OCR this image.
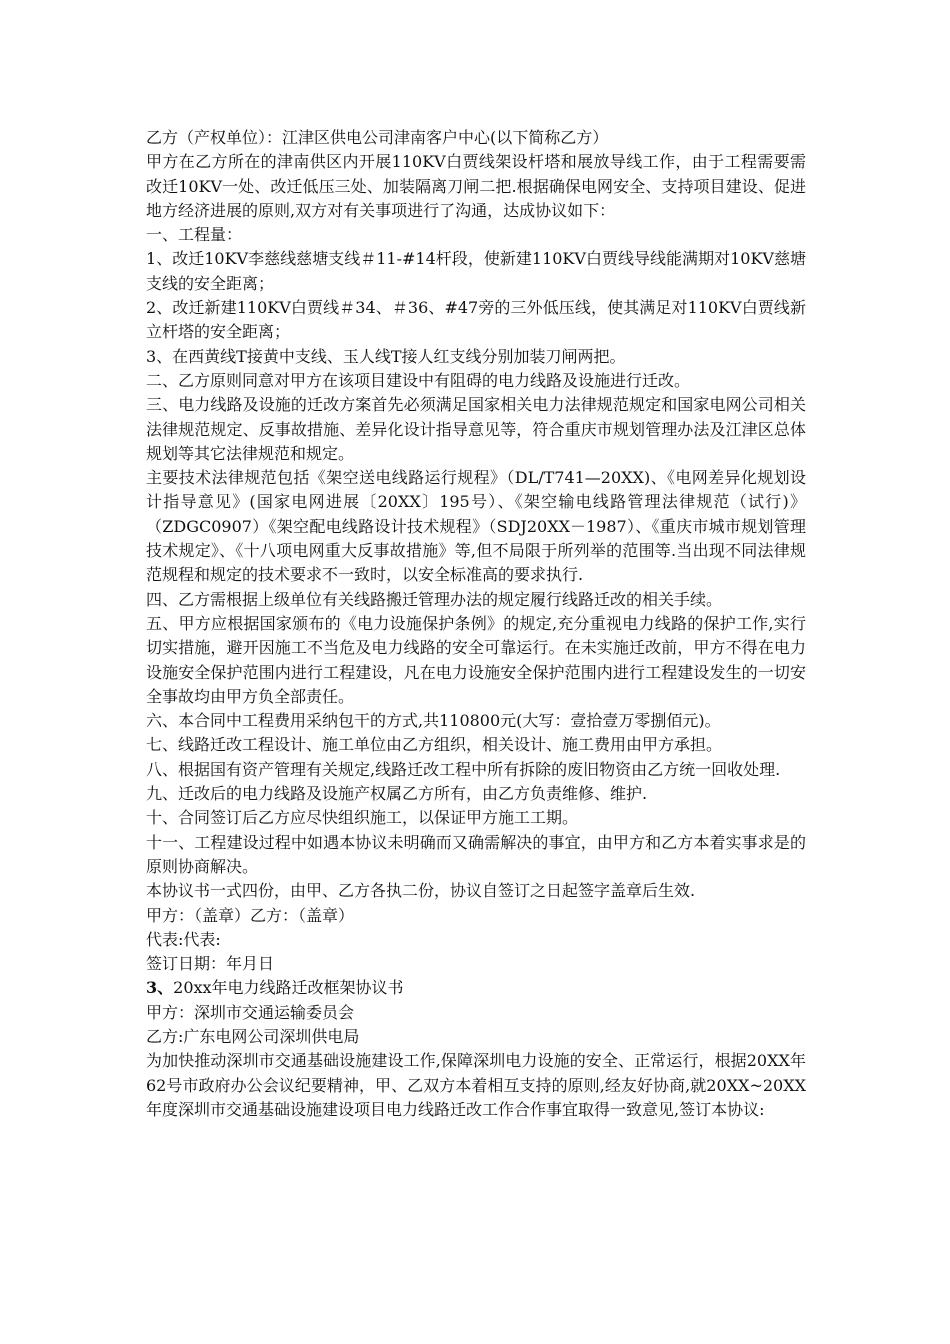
乙方（产权单位）：江津区供电公司津南客户中心(以下简称乙方）

甲方在乙方所在的津南供区内开展110KV白贾线架设杆塔和展放导线工作，由于工程需要需改迁10KV一处、改迁低压三处、加装隔离刀闸二把.根据确保电网安全、支持项目建设、促进地方经济进展的原则,双方对有关事项进行了沟通，达成协议如下：

一、工程量：

1、改迁10KV李慈线慈塘支线＃11-#14杆段，使新建110KV白贾线导线能满期对10KV慈塘支线的安全距离；

2、改迁新建110KV白贾线＃34、＃36、#47旁的三外低压线，使其满足对110KV白贾线新立杆塔的安全距离；

3、在西黄线T接黄中支线、玉人线T接人红支线分别加装刀闸两把。

二、乙方原则同意对甲方在该项目建设中有阻碍的电力线路及设施进行迁改。

三、电力线路及设施的迁改方案首先必须满足国家相关电力法律规范规定和国家电网公司相关法律规范规定、反事故措施、差异化设计指导意见等，符合重庆市规划管理办法及江津区总体规划等其它法律规范和规定。

主要技术法律规范包括《架空送电线路运行规程》（DL/T741—20XX)、《电网差异化规划设计指导意见》(国家电网进展〔20XX〕195号）、《架空输电线路管理法律规范（试行)》（ZDGC0907）《架空配电线路设计技术规程》（SDJ20XX－1987）、《重庆市城市规划管理技术规定》、《十八项电网重大反事故措施》等,但不局限于所列举的范围等.当出现不同法律规范规程和规定的技术要求不一致时，以安全标准高的要求执行.

四、乙方需根据上级单位有关线路搬迁管理办法的规定履行线路迁改的相关手续。

五、甲方应根据国家颁布的《电力设施保护条例》的规定,充分重视电力线路的保护工作,实行切实措施，避开因施工不当危及电力线路的安全可靠运行。在未实施迁改前，甲方不得在电力设施安全保护范围内进行工程建设，凡在电力设施安全保护范围内进行工程建设发生的一切安全事故均由甲方负全部责任。

六、本合同中工程费用采纳包干的方式,共110800元(大写：壹拾壹万零捌佰元)。

七、线路迁改工程设计、施工单位由乙方组织，相关设计、施工费用由甲方承担。

八、根据国有资产管理有关规定,线路迁改工程中所有拆除的废旧物资由乙方统一回收处理.

九、迁改后的电力线路及设施产权属乙方所有，由乙方负责维修、维护.

十、合同签订后乙方应尽快组织施工，以保证甲方施工工期。

十一、工程建设过程中如遇本协议未明确而又确需解决的事宜，由甲方和乙方本着实事求是的原则协商解决。

本协议书一式四份，由甲、乙方各执二份，协议自签订之日起签字盖章后生效.

甲方：（盖章）乙方：（盖章）

代表:代表:

签订日期：年月日

3、20xx年电力线路迁改框架协议书

甲方：深圳市交通运输委员会

乙方:广东电网公司深圳供电局

为加快推动深圳市交通基础设施建设工作,保障深圳电力设施的安全、正常运行，根据20XX年62号市政府办公会议纪要精神，甲、乙双方本着相互支持的原则,经友好协商,就20XX~20XX年度深圳市交通基础设施建设项目电力线路迁改工作合作事宜取得一致意见,签订本协议:
